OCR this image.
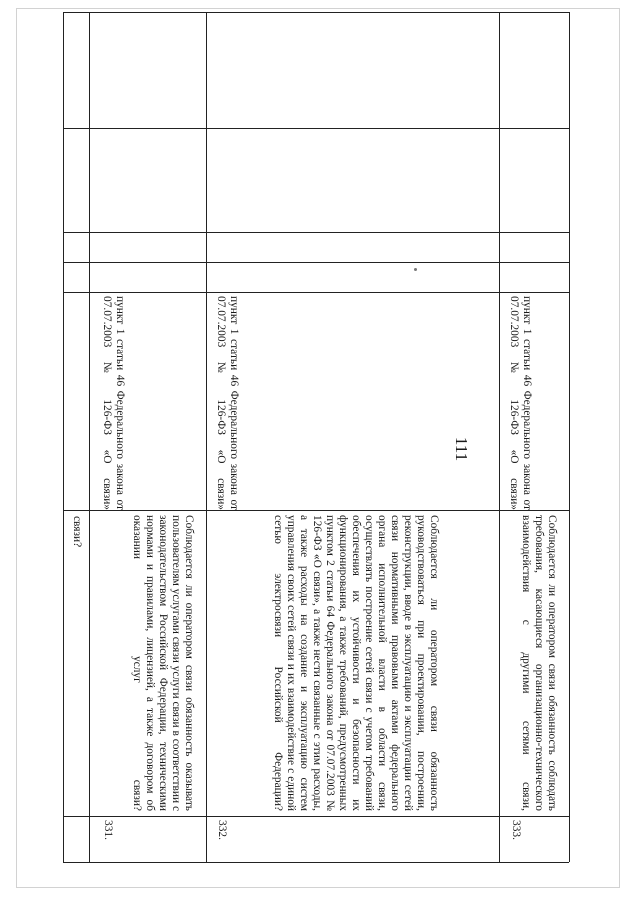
111
связи?
331.
Соблюдается ли оператором связи обязанность оказывать пользователям услугами связи услуги связи в соответствии с законодательством Российской Федерации, техническими нормами и правилами, лицензией, а также договором об оказании услуг связи?
пункт 1 статьи 46 Федерального закона от 07.07.2003 № 126-ФЗ «О связи»
332.
Соблюдается ли оператором связи обязанность руководствоваться при проектировании, построении, реконструкции, вводе в эксплуатацию и эксплуатации сетей связи нормативными правовыми актами федерального органа исполнительной власти в области связи, осуществлять построение сетей связи с учетом требований обеспечения их устойчивости и безопасности их функционирования, а также требований, предусмотренных пунктом 2 статьи 64 Федерального закона от 07.07.2003 № 126-ФЗ «О связи», а также нести связанные с этим расходы, а также расходы на создание и эксплуатацию систем управления своих сетей связи и их взаимодействие с единой сетью электросвязи Российской Федерации?
пункт 1 статьи 46 Федерального закона от 07.07.2003 № 126-ФЗ «О связи»
333.
Соблюдается ли оператором связи обязанность соблюдать требования, касающиеся организационно-технического взаимодействия с другими сетями связи,
пункт 1 статьи 46 Федерального закона от 07.07.2003 № 126-ФЗ «О связи»
